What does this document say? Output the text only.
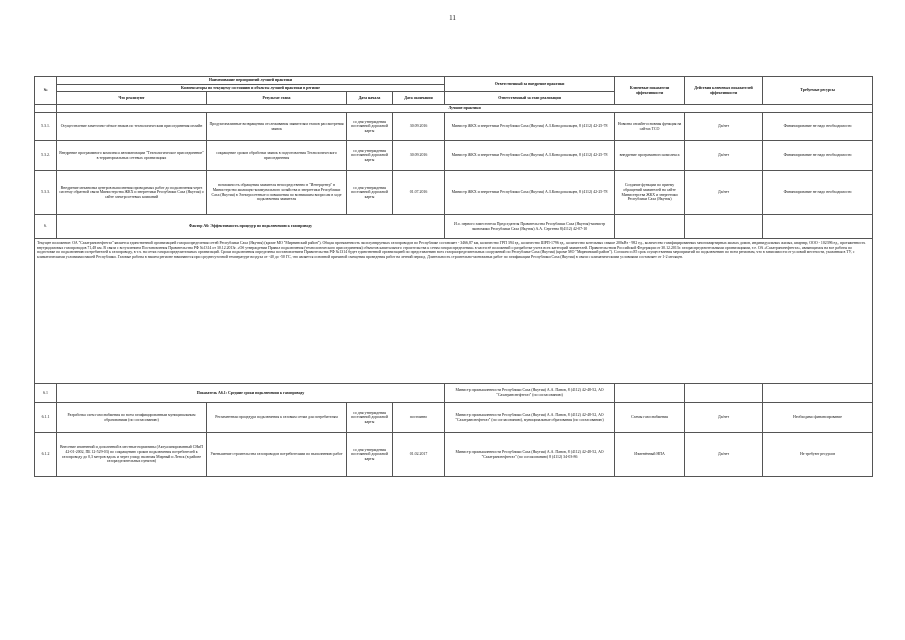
11
№	Наименование мероприятий лучшей практики				Ответственный за внедрение практики	Ключевые показатели эффективности	Действия ключевых показателей эффективности	Требуемые ресурсы
	Компенсаторы по текущему состоянию и объекты лучшей практики в регионе							
	Что реализуют	Результат этапа	Дата начала	Дата окончания	Ответственный за этап реализации			
	Лучшие практики							
5.3.1.	Осуществление заметочно-лёгкое знаков по технологическим присоединения онлайн	Продуктоналивные возвращения отслеживания заявителям этапов рассмотрения заявок	со дня утверждения постоянной дорожной карты	30.09.2016	Министр ЖКХ и энергетики Республики Саха (Якутия) А.З.Конодопальцев, 8 (4112) 42-25-78	Новизна онлайн-основная функция на сайтах ТСО	Да/нет	Финансирование не надо необходимости
5.3.2.	Внедрение программного комплекса автоматизации "Технологическое присоединение" в территориальных сетевых организациях	сокращение сроков обработки заявок в подготовления Технологического присоединения	со дня утверждения постоянной дорожной карты	30.09.2016	Министр ЖКХ и энергетики Республики Саха (Якутия) А.З.Конодопальцев, 8 (4112) 42-25-78	внедрение программного комплекса	Да/нет	Финансирование не надо необходимости
5.3.3.	Внедрение механизма центров выполнения проводимых работ до подключения через систему обратной связи Министерства ЖКХ и энергетики Республики Саха (Якутия) о сайте электросетевых компаний	возможность обращения заявителя непосредственно в "Интерцентр" в Министерство жилищно-коммунального хозяйства и энергетики Республики Саха (Якутия) в Электросетевые и повышения по возникшим вопросам в ходе подключения заявителя	со дня утверждения постоянной дорожной карты	01.07.2016	Министр ЖКХ и энергетики Республики Саха (Якутия) А.З.Конодопальцев, 8 (4112) 42-25-78	Создание функции по приему обращений заявителей на сайте Министерства ЖКХ и энергетики Республики Саха (Якутия)	Да/нет	Финансирование не надо необходимости
6.	Фактор А6: Эффективность процедур по подключению к газопроводу				И.о. первого заместителя Председателя Правительства Республики Саха (Якутия)-министр экономики Республики Саха (Якутия) А.А. Сергеева 8(4112) 42-07-10			
Текущее положение: ОА "Сахатранснефтегаз" является единственной организацией газораспределения сетей Республики Саха (Якутия) (кроме МО "Мирнинский район"). Общая протяженность эксплуатируемых газопроводов по Республике составляет - 3466,87 км, количество ГРП 394 ед., количество ШРП-1796 ед., количество котельных свыше 200кВт - 982 ед., количество газифицированных многоквартирных жилых домов, индивидуальных жилых, квартир, ООО - 102396 ед., протяженность внутридомовых газопроводов 71,48 км. В связи с вступлением Постановления Правительства РФ №1314 от 30.12.2013г. «Об утверждении Правил подключения (технологического присоединения) объектов капитального строительства к сетям газораспределения» в части её положений о разработке учета всех категорий заявителей. Правительством Российской Федерации от 30.12.2013г. газораспределительными организациями, т.е. ОА «Сахатранснефтегаз», являющимся на все работы по подготовке по подключению потребителей к газопроводу, в т.ч. на сетях газораспределительных организаций. Сроки подключения определены постановлением Правительства РФ №1314 будет единственной организацией по представлению всех газораспределительных сооружений по Республике Саха (Якутия) (кроме МО "Мирнинский район"). Согласно п.85 срок осуществления мероприятий по подключению по всем регионам, что в зависимости от условий местности, указанная в ТУ, с климатическими условиями нашей Республики. Газовые работы в нашем регионе начинаются при среднесуточной температуре воздуха от -40 до -50 ГС, что является основной причиной смещения проведения работ на летний период. Длительность строительно-монтажных работ по газификации Республики Саха (Якутия) в связи с климатическими условиями составляет от 1-2 месяцев.								
6.1	Показатель А6.1: Средние сроки подключения к газопроводу				Министр промышленности Республики Саха (Якутия) А.А. Панов, 8 (4112) 42-48-52, АО "Сахатранснефтегаз" (по согласованию)			
6.1.1	Разработка схем газоснабжения по всем газифицированным муниципальным образованиям (по согласованию)	Регламентная процедура подключения к газовым сетям для потребителям	со дня утверждения постоянной дорожной карты	постоянно	Министр промышленности Республики Саха (Якутия) А.А. Панов, 8 (4112) 42-48-52, АО "Сахатранснефтегаз" (по согласованию), муниципальные образования (по согласованию)	Схемы газоснабжения	Да/нет	Необходимо финансирование
6.1.2	Внесение изменений и дополнений в местные нормативы (Актуализированный СНиП 42-01-2002, ПБ 12-529-03) по сокращению сроков подключения потребителей к газопроводу до 0,3 метров вдоль и через улицу, включая Мирный и Ленск (в районе газоразделительных пунктов)	Уменьшение строительства газопроводов потребителями по выполнению работ	со дня утверждения постоянной дорожной карты	01.02.2017	Министр промышленности Республики Саха (Якутия) А.А. Панов, 8 (4112) 42-48-52, АО "Сахатранснефтегаз" (по согласованию) 8 (4112) 34-03-86	Изменённый НПА	Да/нет	Не требуют ресурсов
